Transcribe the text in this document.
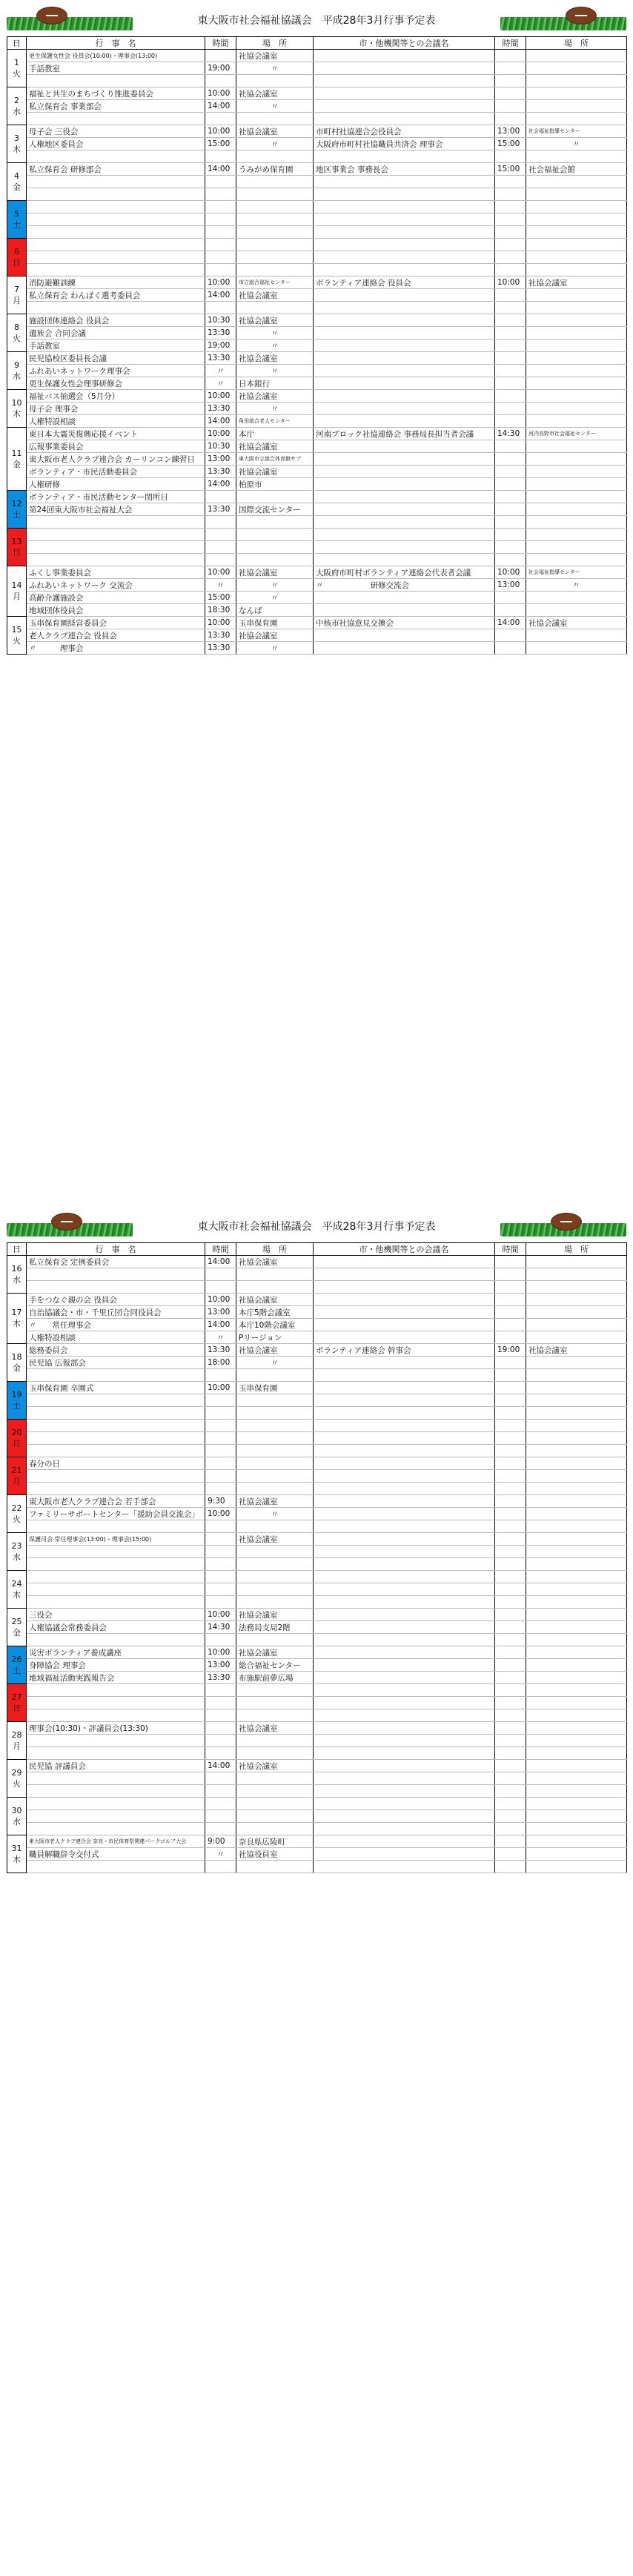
東大阪市社会福祉協議会　平成28年3月行事予定表
日	行　事　名	時間	場　所	市・他機関等との会議名	時間	場　所

1
火	更生保護女性会 役員会(10:00)・理事会(13:00)		社協会議室			
	手話教室	19:00	〃			

2
水	福祉と共生のまちづくり推進委員会	10:00	社協会議室			
	私立保育会 事業部会	14:00	〃			

3
木	母子会 三役会	10:00	社協会議室	市町村社協連合会役員会	13:00	社会福祉指導センター
	人権地区委員会	15:00	〃	大阪府市町村社協職員共済会 理事会	15:00	〃

4
金	私立保育会 研修部会	14:00	うみがめ保育園	地区事業会 事務長会	15:00	社会福祉会館

5
土						

6
日						

7
月	消防避難訓練	10:00	市立総合福祉センター	ボランティア連絡会 役員会	10:00	社協会議室
	私立保育会 わんぱく選考委員会	14:00	社協会議室			

8
火	施設団体連絡会 役員会	10:30	社協会議室			
	遺族会 合同会議	13:30	〃			
	手話教室	19:00	〃			

9
水	民児協校区委員長会議	13:30	社協会議室			
	ふれあいネットワーク理事会	〃	〃			
	更生保護女性会理事研修会	〃	日本銀行			

10
木	福祉バス抽選会（5月分）	10:00	社協会議室			
	母子会 理事会	13:30	〃			
	人権特設相談	14:00	角田総合老人センター			

11
金	東日本大震災復興応援イベント	10:00	本庁	河南ブロック社協連絡会 事務局長担当者会議	14:30	河内長野市社会福祉センター
	広報事業委員会	10:30	社協会議室			
	東大阪市老人クラブ連合会 カーリンコン練習日	13:00	東大阪市立総合体育館サブ			
	ボランティア・市民活動委員会	13:30	社協会議室			
	人権研修	14:00	柏原市			

12
土	ボランティア・市民活動センター閉所日					
	第24回東大阪市社会福祉大会	13:30	国際交流センター			

13
日						

14
月	ふくし事業委員会	10:00	社協会議室	大阪府市町村ボランティア連絡会代表者会議	10:00	社会福祉指導センター
	ふれあいネットワーク 交流会	〃	〃	〃　　　　　　研修交流会	13:00	〃
	高齢介護施設会	15:00	〃			
	地域団体役員会	18:30	なんば			

15
火	玉串保育園経営委員会	10:00	玉串保育園	中核市社協意見交換会	14:00	社協会議室
	老人クラブ連合会 役員会	13:30	社協会議室			
	〃　　　理事会	13:30	〃			
東大阪市社会福祉協議会　平成28年3月行事予定表
日	行　事　名	時間	場　所	市・他機関等との会議名	時間	場　所

16
水	私立保育会 定例委員会	14:00	社協会議室			

17
木	手をつなぐ親の会 役員会	10:00	社協会議室			
	自治協議会・市・千里丘団合同役員会	13:00	本庁5階会議室			
	〃　　常任理事会	14:00	本庁10階会議室			
	人権特設相談	〃	Pリージョン			

18
金	総務委員会	13:30	社協会議室	ボランティア連絡会 幹事会	19:00	社協会議室
	民児協 広報部会	18:00	〃			

19
土	玉串保育園 卒園式	10:00	玉串保育園			

20
日						

21
月	春分の日					

22
火	東大阪市老人クラブ連合会 若手部会	9:30	社協会議室			
	ファミリーサポートセンター「援助会員交流会」	10:00	〃			

23
水	保護司会 常任理事会(13:00)・理事会(15:00)		社協会議室			

24
木						

25
金	三役会	10:00	社協会議室			
	人権協議会常務委員会	14:30	法務局支局2階			

26
土	災害ボランティア養成講座	10:00	社協会議室			
	身障協会 理事会	13:00	総合福祉センター			
	地域福祉活動実践報告会	13:30	布施駅前夢広場			

27
日						

28
月	理事会(10:30)・評議員会(13:30)		社協会議室			

29
火	民児協 評議員会	14:00	社協会議室			

30
水						

31
木	東大阪市老人クラブ連合会 奈良・市民体育祭関連パークゴルフ大会	9:00	奈良県広陵町			
	職員解職辞令交付式	〃	社協役員室			
